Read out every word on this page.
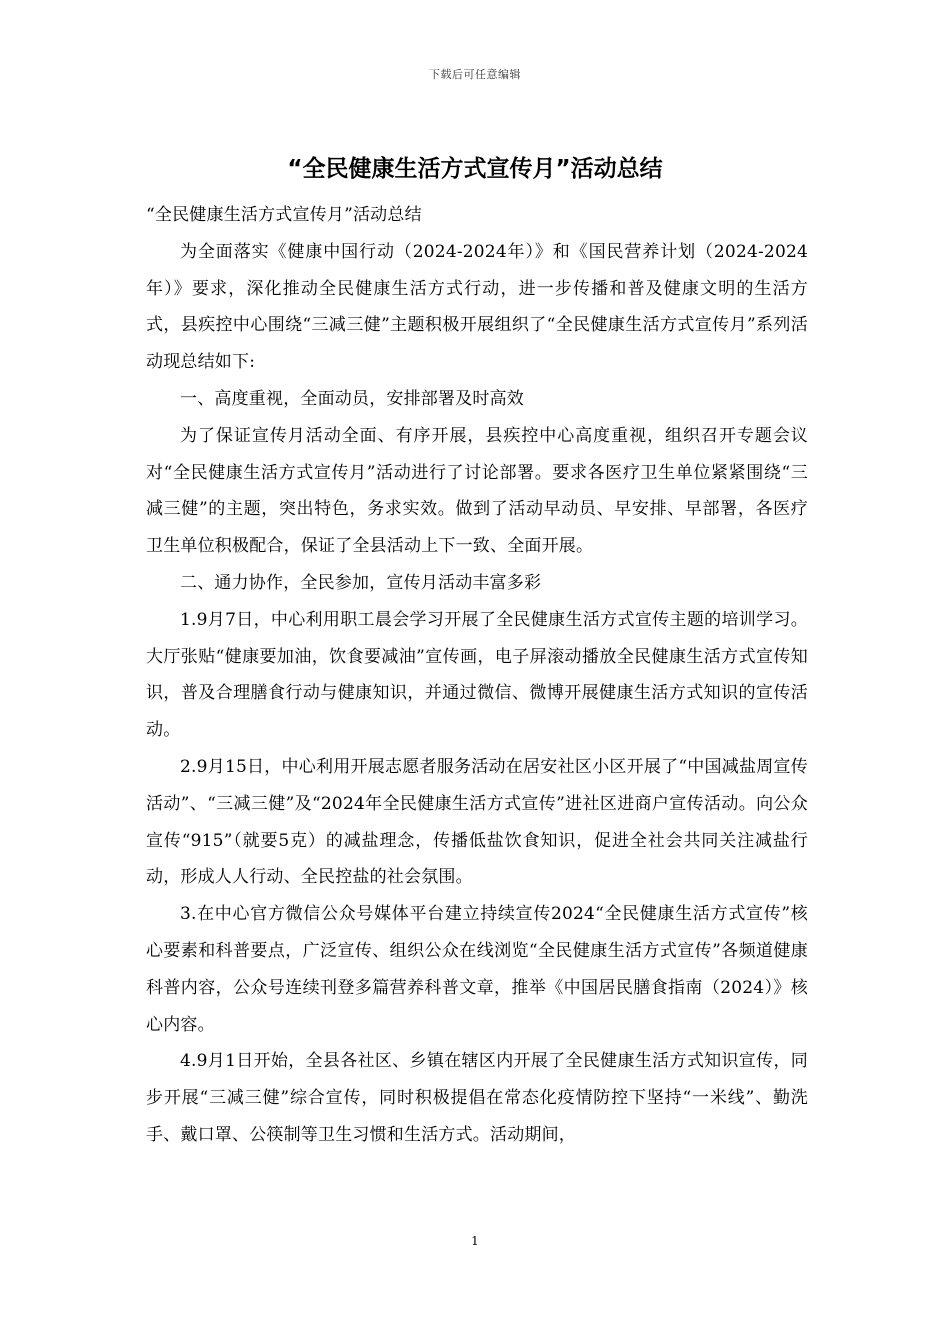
下载后可任意编辑
“全民健康生活方式宣传月”活动总结

“全民健康生活方式宣传月”活动总结

为全面落实《健康中国行动（2024-2024年）》和《国民营养计划（2024-2024年）》要求，深化推动全民健康生活方式行动，进一步传播和普及健康文明的生活方式，县疾控中心围绕“三减三健”主题积极开展组织了“全民健康生活方式宣传月”系列活动现总结如下:

一、高度重视，全面动员，安排部署及时高效

为了保证宣传月活动全面、有序开展，县疾控中心高度重视，组织召开专题会议对“全民健康生活方式宣传月”活动进行了讨论部署。要求各医疗卫生单位紧紧围绕“三减三健”的主题，突出特色，务求实效。做到了活动早动员、早安排、早部署，各医疗卫生单位积极配合，保证了全县活动上下一致、全面开展。

二、通力协作，全民参加，宣传月活动丰富多彩

1.9月7日，中心利用职工晨会学习开展了全民健康生活方式宣传主题的培训学习。大厅张贴“健康要加油，饮食要减油”宣传画，电子屏滚动播放全民健康生活方式宣传知识，普及合理膳食行动与健康知识，并通过微信、微博开展健康生活方式知识的宣传活动。

2.9月15日，中心利用开展志愿者服务活动在居安社区小区开展了“中国减盐周宣传活动”、“三减三健”及“2024年全民健康生活方式宣传”进社区进商户宣传活动。向公众宣传“915”（就要5克）的减盐理念，传播低盐饮食知识，促进全社会共同关注减盐行动，形成人人行动、全民控盐的社会氛围。

3.在中心官方微信公众号媒体平台建立持续宣传2024“全民健康生活方式宣传”核心要素和科普要点，广泛宣传、组织公众在线浏览“全民健康生活方式宣传”各频道健康科普内容，公众号连续刊登多篇营养科普文章，推举《中国居民膳食指南（2024）》核心内容。

4.9月1日开始，全县各社区、乡镇在辖区内开展了全民健康生活方式知识宣传，同步开展“三减三健”综合宣传，同时积极提倡在常态化疫情防控下坚持“一米线”、勤洗手、戴口罩、公筷制等卫生习惯和生活方式。活动期间，

1
